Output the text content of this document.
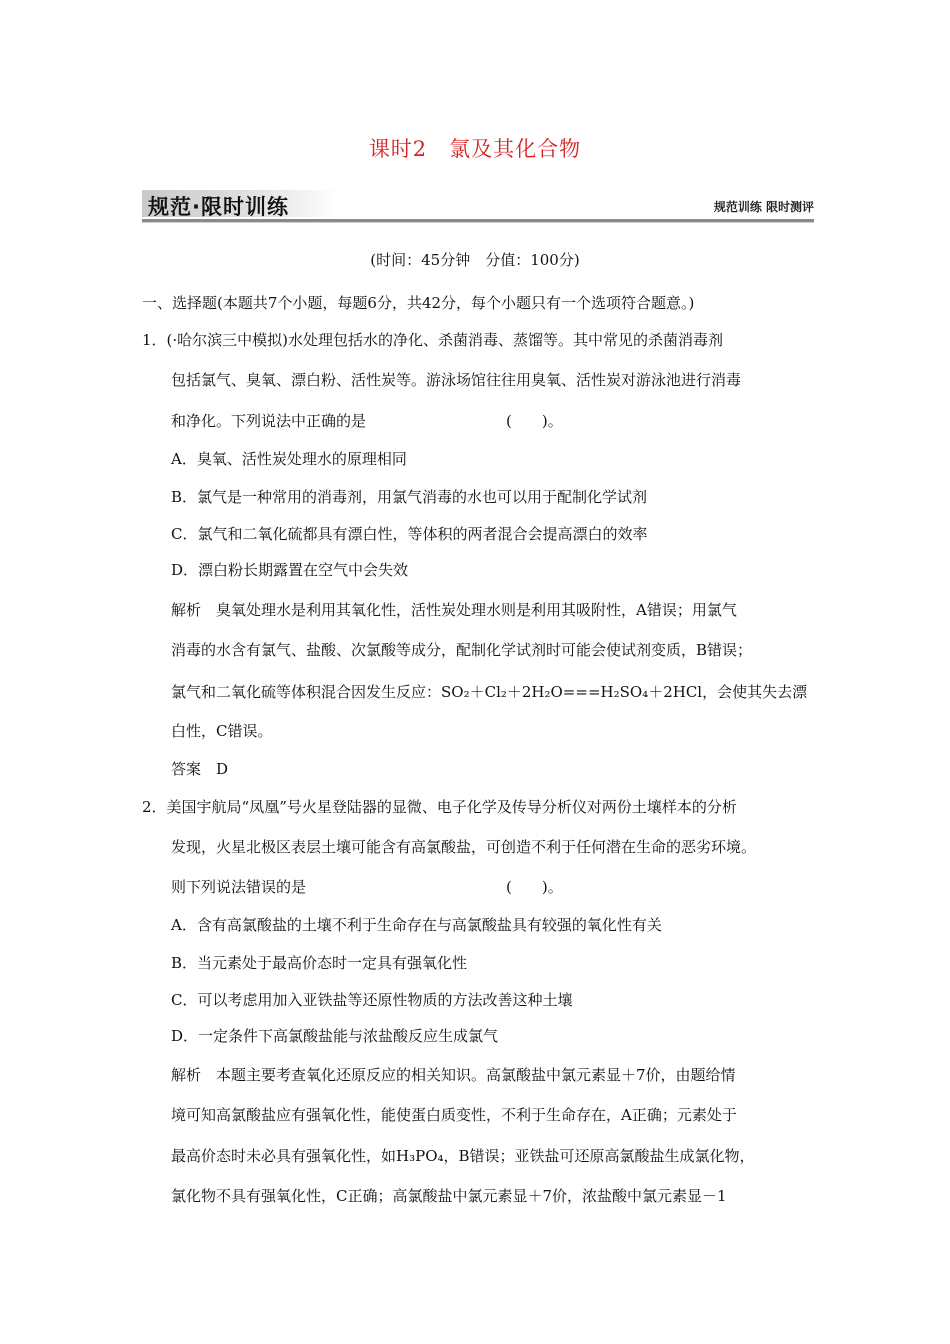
课时2　氯及其化合物
规范·限时训练	规范训练 限时测评
(时间：45分钟　分值：100分)
一、选择题(本题共7个小题，每题6分，共42分，每个小题只有一个选项符合题意。)
1．(·哈尔滨三中模拟)水处理包括水的净化、杀菌消毒、蒸馏等。其中常见的杀菌消毒剂
包括氯气、臭氧、漂白粉、活性炭等。游泳场馆往往用臭氧、活性炭对游泳池进行消毒
和净化。下列说法中正确的是	(　　)。
A．臭氧、活性炭处理水的原理相同
B．氯气是一种常用的消毒剂，用氯气消毒的水也可以用于配制化学试剂
C．氯气和二氧化硫都具有漂白性，等体积的两者混合会提高漂白的效率
D．漂白粉长期露置在空气中会失效
解析　臭氧处理水是利用其氧化性，活性炭处理水则是利用其吸附性，A错误；用氯气
消毒的水含有氯气、盐酸、次氯酸等成分，配制化学试剂时可能会使试剂变质，B错误；
氯气和二氧化硫等体积混合因发生反应：SO₂＋Cl₂＋2H₂O===H₂SO₄＋2HCl，会使其失去漂
白性，C错误。
答案　D
2．美国宇航局“凤凰”号火星登陆器的显微、电子化学及传导分析仪对两份土壤样本的分析
发现，火星北极区表层土壤可能含有高氯酸盐，可创造不利于任何潜在生命的恶劣环境。
则下列说法错误的是	(　　)。
A．含有高氯酸盐的土壤不利于生命存在与高氯酸盐具有较强的氧化性有关
B．当元素处于最高价态时一定具有强氧化性
C．可以考虑用加入亚铁盐等还原性物质的方法改善这种土壤
D．一定条件下高氯酸盐能与浓盐酸反应生成氯气
解析　本题主要考查氧化还原反应的相关知识。高氯酸盐中氯元素显＋7价，由题给情
境可知高氯酸盐应有强氧化性，能使蛋白质变性，不利于生命存在，A正确；元素处于
最高价态时未必具有强氧化性，如H₃PO₄，B错误；亚铁盐可还原高氯酸盐生成氯化物，
氯化物不具有强氧化性，C正确；高氯酸盐中氯元素显＋7价，浓盐酸中氯元素显－1
